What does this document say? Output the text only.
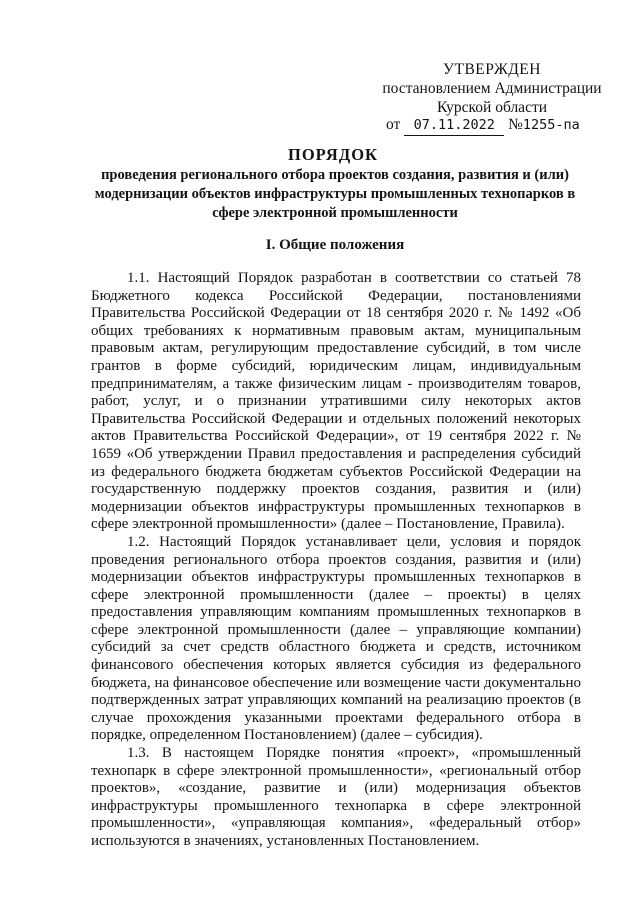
УТВЕРЖДЕН
постановлением Администрации
Курской области
от 07.11.2022 №1255-па
ПОРЯДОК
проведения регионального отбора проектов создания, развития и (или) модернизации объектов инфраструктуры промышленных технопарков в сфере электронной промышленности
I. Общие положения

1.1. Настоящий Порядок разработан в соответствии со статьей 78 Бюджетного кодекса Российской Федерации, постановлениями Правительства Российской Федерации от 18 сентября 2020 г. № 1492 «Об общих требованиях к нормативным правовым актам, муниципальным правовым актам, регулирующим предоставление субсидий, в том числе грантов в форме субсидий, юридическим лицам, индивидуальным предпринимателям, а также физическим лицам - производителям товаров, работ, услуг, и о признании утратившими силу некоторых актов Правительства Российской Федерации и отдельных положений некоторых актов Правительства Российской Федерации», от 19 сентября 2022 г. № 1659 «Об утверждении Правил предоставления и распределения субсидий из федерального бюджета бюджетам субъектов Российской Федерации на государственную поддержку проектов создания, развития и (или) модернизации объектов инфраструктуры промышленных технопарков в сфере электронной промышленности» (далее – Постановление, Правила).

1.2. Настоящий Порядок устанавливает цели, условия и порядок проведения регионального отбора проектов создания, развития и (или) модернизации объектов инфраструктуры промышленных технопарков в сфере электронной промышленности (далее – проекты) в целях предоставления управляющим компаниям промышленных технопарков в сфере электронной промышленности (далее – управляющие компании) субсидий за счет средств областного бюджета и средств, источником финансового обеспечения которых является субсидия из федерального бюджета, на финансовое обеспечение или возмещение части документально подтвержденных затрат управляющих компаний на реализацию проектов (в случае прохождения указанными проектами федерального отбора в порядке, определенном Постановлением) (далее – субсидия).

1.3. В настоящем Порядке понятия «проект», «промышленный технопарк в сфере электронной промышленности», «региональный отбор проектов», «создание, развитие и (или) модернизация объектов инфраструктуры промышленного технопарка в сфере электронной промышленности», «управляющая компания», «федеральный отбор» используются в значениях, установленных Постановлением.
